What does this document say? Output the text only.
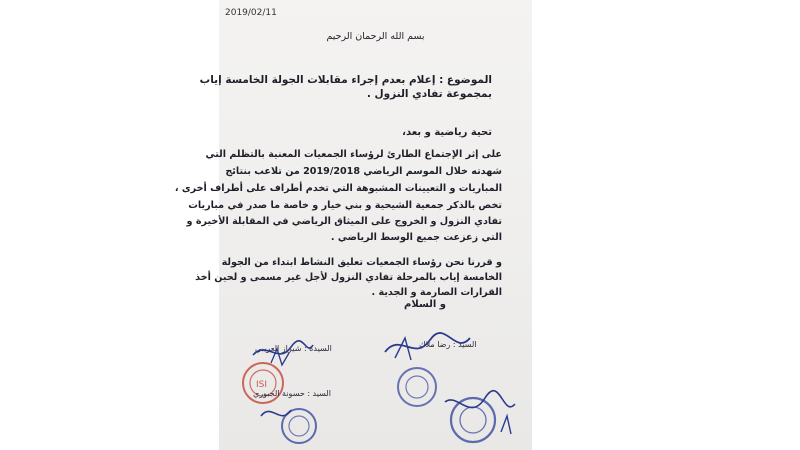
2019/02/11
بسم الله الرحمان الرحيم
الموضوع : إعلام بعدم إجراء مقابلات الجولة الخامسة إياب
بمجموعة تفادي النزول .
تحية رياضية و بعد،
على إثر الإجتماع الطارئ لرؤساء الجمعيات المعنية بالتظلم التي
شهدته خلال الموسم الرياضي 2019/2018 من تلاعب بنتائج
المباريات و التعيينات المشبوهة التي تخدم أطراف على أطراف أخرى ،
تخص بالذكر جمعية الشيحية و بني خيار و خاصة ما صدر في مباريات
تفادي النزول و الخروج على الميثاق الرياضي في المقابلة الأخيرة و
التي زعزعت جميع الوسط الرياضي .
و قررنا نحن رؤساء الجمعيات تعليق النشاط ابتداء من الجولة
الخامسة إياب بالمرحلة تفادي النزول لأجل غير مسمى و لحين أخذ
القرارات الصارمة و الجدية .
و السلام
السيدة : شيراز العريبي
ISI
السيد : حسونة الجبوري
السيد : رضا ملاك
